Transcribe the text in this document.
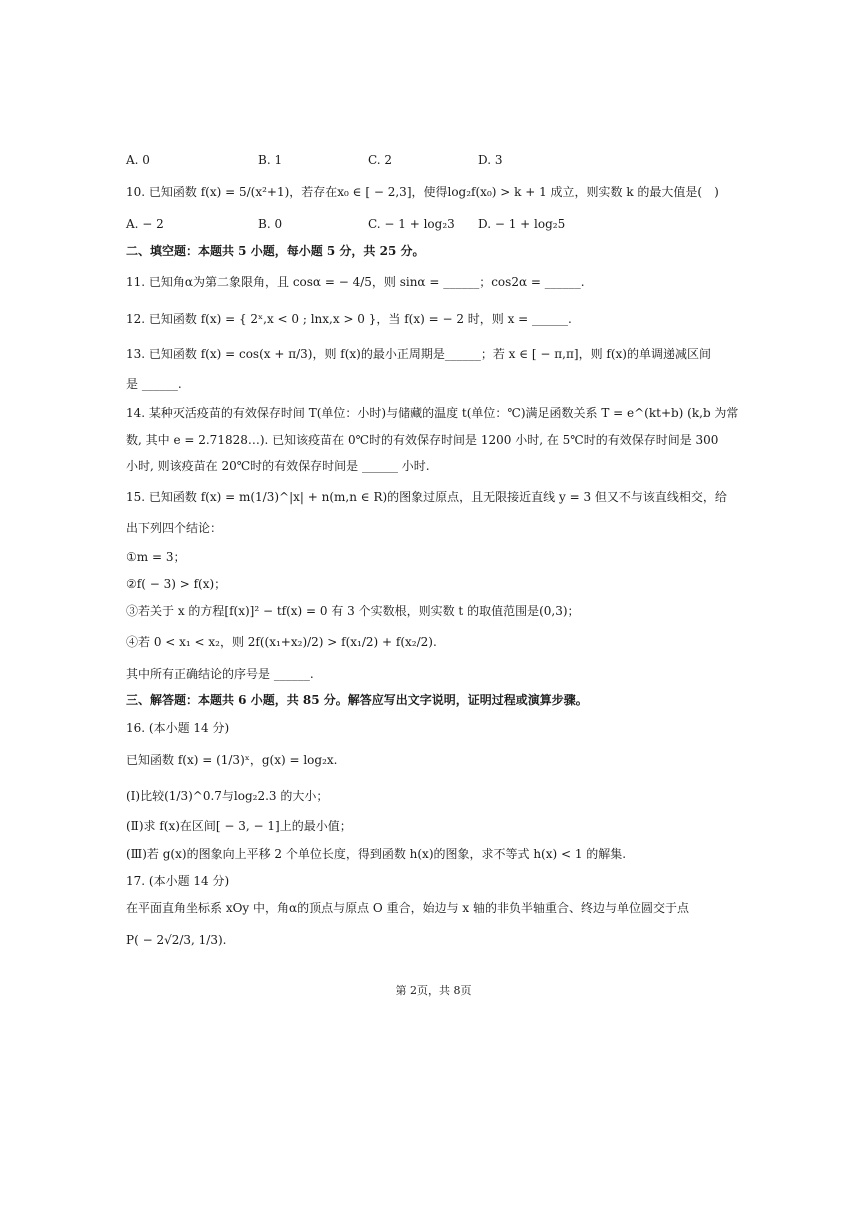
A. 0	B. 1	C. 2	D. 3
10. 已知函数 f(x) = 5/(x²+1)，若存在x₀ ∈ [ − 2,3]，使得log₂f(x₀) > k + 1 成立，则实数 k 的最大值是(　)
A. − 2	B. 0	C. − 1 + log₂3 D. − 1 + log₂5
二、填空题：本题共 5 小题，每小题 5 分，共 25 分。
11. 已知角α为第二象限角，且 cosα = − 4/5，则 sinα = ______；cos2α = ______.
12. 已知函数 f(x) = { 2ˣ,x < 0 ; lnx,x > 0 }，当 f(x) = − 2 时，则 x = ______.
13. 已知函数 f(x) = cos(x + π/3)，则 f(x)的最小正周期是______；若 x ∈ [ − π,π]，则 f(x)的单调递减区间
是 ______.
14. 某种灭活疫苗的有效保存时间 T(单位：小时)与储藏的温度 t(单位：℃)满足函数关系 T = e^(kt+b) (k,b 为常
数, 其中 e = 2.71828…). 已知该疫苗在 0℃时的有效保存时间是 1200 小时, 在 5℃时的有效保存时间是 300
小时, 则该疫苗在 20℃时的有效保存时间是 ______ 小时.
15. 已知函数 f(x) = m(1/3)^|x| + n(m,n ∈ R)的图象过原点，且无限接近直线 y = 3 但又不与该直线相交，给
出下列四个结论：
①m = 3；
②f( − 3) > f(x)；
③若关于 x 的方程[f(x)]² − tf(x) = 0 有 3 个实数根，则实数 t 的取值范围是(0,3)；
④若 0 < x₁ < x₂，则 2f((x₁+x₂)/2) > f(x₁/2) + f(x₂/2).
其中所有正确结论的序号是 ______.
三、解答题：本题共 6 小题，共 85 分。解答应写出文字说明，证明过程或演算步骤。
16. (本小题 14 分)
已知函数 f(x) = (1/3)ˣ，g(x) = log₂x.
(Ⅰ)比较(1/3)^0.7与log₂2.3 的大小；
(Ⅱ)求 f(x)在区间[ − 3, − 1]上的最小值；
(Ⅲ)若 g(x)的图象向上平移 2 个单位长度，得到函数 h(x)的图象，求不等式 h(x) < 1 的解集.
17. (本小题 14 分)
在平面直角坐标系 xOy 中，角α的顶点与原点 O 重合，始边与 x 轴的非负半轴重合、终边与单位圆交于点
P( − 2√2/3, 1/3).
第 2页，共 8页
